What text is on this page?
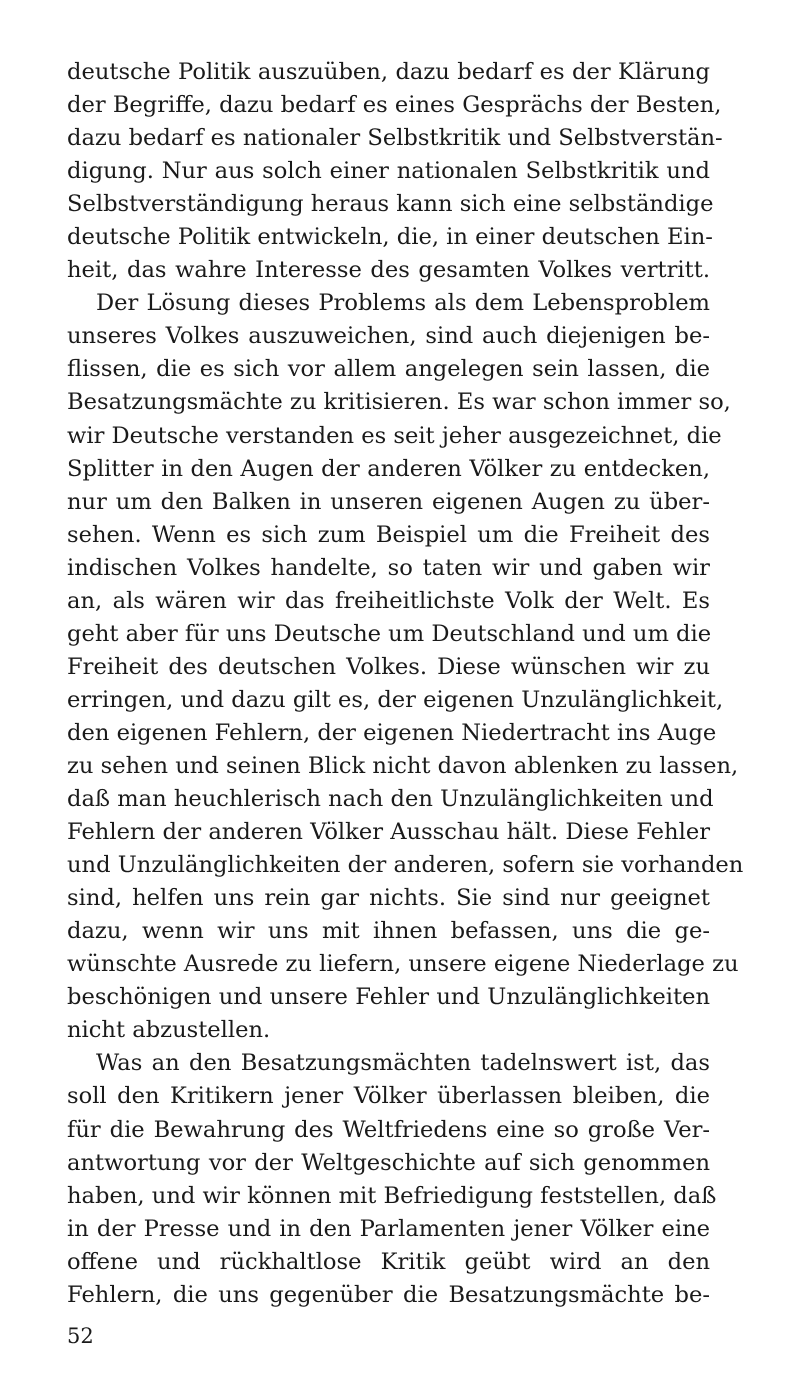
deutsche Politik auszuüben, dazu bedarf es der Klärung
der Begriffe, dazu bedarf es eines Gesprächs der Besten,
dazu bedarf es nationaler Selbstkritik und Selbstverstän-
digung. Nur aus solch einer nationalen Selbstkritik und
Selbstverständigung heraus kann sich eine selbständige
deutsche Politik entwickeln, die, in einer deutschen Ein-
heit, das wahre Interesse des gesamten Volkes vertritt.
Der Lösung dieses Problems als dem Lebensproblem
unseres Volkes auszuweichen, sind auch diejenigen be-
flissen, die es sich vor allem angelegen sein lassen, die
Besatzungsmächte zu kritisieren. Es war schon immer so,
wir Deutsche verstanden es seit jeher ausgezeichnet, die
Splitter in den Augen der anderen Völker zu entdecken,
nur um den Balken in unseren eigenen Augen zu über-
sehen. Wenn es sich zum Beispiel um die Freiheit des
indischen Volkes handelte, so taten wir und gaben wir
an, als wären wir das freiheitlichste Volk der Welt. Es
geht aber für uns Deutsche um Deutschland und um die
Freiheit des deutschen Volkes. Diese wünschen wir zu
erringen, und dazu gilt es, der eigenen Unzulänglichkeit,
den eigenen Fehlern, der eigenen Niedertracht ins Auge
zu sehen und seinen Blick nicht davon ablenken zu lassen,
daß man heuchlerisch nach den Unzulänglichkeiten und
Fehlern der anderen Völker Ausschau hält. Diese Fehler
und Unzulänglichkeiten der anderen, sofern sie vorhanden
sind, helfen uns rein gar nichts. Sie sind nur geeignet
dazu, wenn wir uns mit ihnen befassen, uns die ge-
wünschte Ausrede zu liefern, unsere eigene Niederlage zu
beschönigen und unsere Fehler und Unzulänglichkeiten
nicht abzustellen.
Was an den Besatzungsmächten tadelnswert ist, das
soll den Kritikern jener Völker überlassen bleiben, die
für die Bewahrung des Weltfriedens eine so große Ver-
antwortung vor der Weltgeschichte auf sich genommen
haben, und wir können mit Befriedigung feststellen, daß
in der Presse und in den Parlamenten jener Völker eine
offene und rückhaltlose Kritik geübt wird an den
Fehlern, die uns gegenüber die Besatzungsmächte be-
52
